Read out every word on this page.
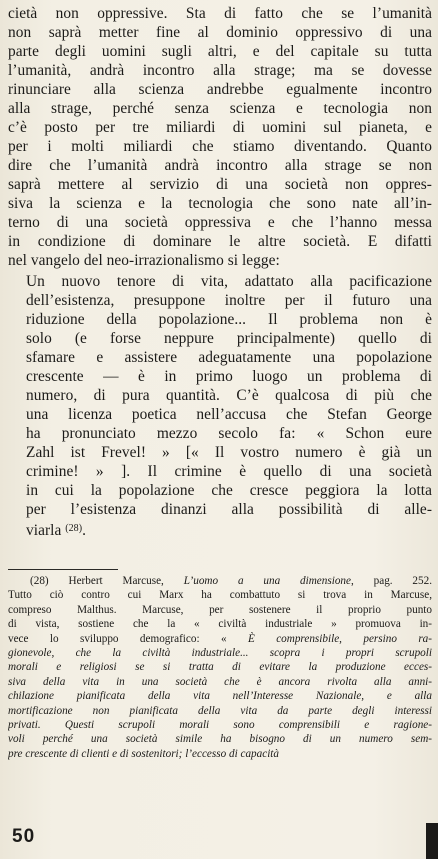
cietà non oppressive. Sta di fatto che se l’umanità
non saprà metter fine al dominio oppressivo di una
parte degli uomini sugli altri, e del capitale su tutta
l’umanità, andrà incontro alla strage; ma se dovesse
rinunciare alla scienza andrebbe egualmente incontro
alla strage, perché senza scienza e tecnologia non
c’è posto per tre miliardi di uomini sul pianeta, e
per i molti miliardi che stiamo diventando. Quanto
dire che l’umanità andrà incontro alla strage se non
saprà mettere al servizio di una società non oppres-
siva la scienza e la tecnologia che sono nate all’in-
terno di una società oppressiva e che l’hanno messa
in condizione di dominare le altre società. E difatti
nel vangelo del neo-irrazionalismo si legge:
Un nuovo tenore di vita, adattato alla pacificazione
dell’esistenza, presuppone inoltre per il futuro una
riduzione della popolazione... Il problema non è
solo (e forse neppure principalmente) quello di
sfamare e assistere adeguatamente una popolazione
crescente — è in primo luogo un problema di
numero, di pura quantità. C’è qualcosa di più che
una licenza poetica nell’accusa che Stefan George
ha pronunciato mezzo secolo fa: « Schon eure
Zahl ist Frevel! » [« Il vostro numero è già un
crimine! » ]. Il crimine è quello di una società
in cui la popolazione che cresce peggiora la lotta
per l’esistenza dinanzi alla possibilità di alle-
viarla $^{(28)}$.
(28) Herbert Marcuse, L’uomo a una dimensione, pag. 252.
Tutto ciò contro cui Marx ha combattuto si trova in Marcuse,
compreso Malthus. Marcuse, per sostenere il proprio punto
di vista, sostiene che la « civiltà industriale » promuova in-
vece lo sviluppo demografico: « È comprensibile, persino ra-
gionevole, che la civiltà industriale... scopra i propri scrupoli
morali e religiosi se si tratta di evitare la produzione ecces-
siva della vita in una società che è ancora rivolta alla anni-
chilazione pianificata della vita nell’Interesse Nazionale, e alla
mortificazione non pianificata della vita da parte degli interessi
privati. Questi scrupoli morali sono comprensibili e ragione-
voli perché una società simile ha bisogno di un numero sem-
pre crescente di clienti e di sostenitori; l’eccesso di capacità
50
